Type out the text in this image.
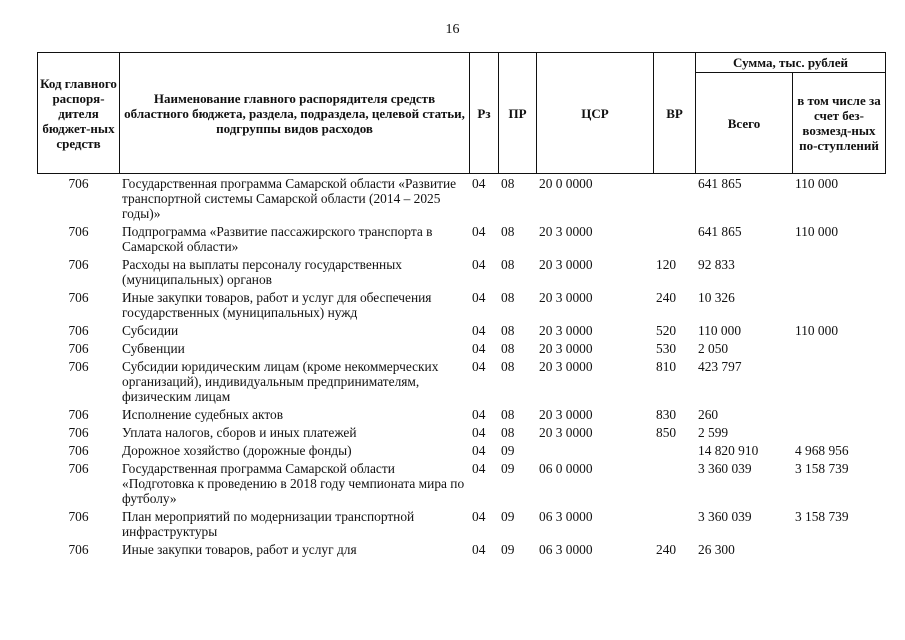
16
Код главного распоря-дителя бюджет-ных средств	Наименование главного распорядителя средств областного бюджета, раздела, подраздела, целевой статьи, подгруппы видов расходов	Рз	ПР	ЦСР	ВР	Сумма, тыс. рублей	
						Всего	в том числе за счет без-возмезд-ных по-ступлений
706	Государственная программа Самарской области «Развитие транспортной системы Самарской области (2014 – 2025 годы)»	04	08	20 0 0000		641 865	110 000
706	Подпрограмма «Развитие пассажирского транспорта в Самарской области»	04	08	20 3 0000		641 865	110 000
706	Расходы на выплаты персоналу государственных (муниципальных) органов	04	08	20 3 0000	120	92 833	
706	Иные закупки товаров, работ и услуг для обеспечения государственных (муниципальных) нужд	04	08	20 3 0000	240	10 326	
706	Субсидии	04	08	20 3 0000	520	110 000	110 000
706	Субвенции	04	08	20 3 0000	530	2 050	
706	Субсидии юридическим лицам (кроме некоммерческих организаций), индивидуальным предпринимателям, физическим лицам	04	08	20 3 0000	810	423 797	
706	Исполнение судебных актов	04	08	20 3 0000	830	260	
706	Уплата налогов, сборов и иных платежей	04	08	20 3 0000	850	2 599	
706	Дорожное хозяйство (дорожные фонды)	04	09			14 820 910	4 968 956
706	Государственная программа Самарской области «Подготовка к проведению в 2018 году чемпионата мира по футболу»	04	09	06 0 0000		3 360 039	3 158 739
706	План мероприятий по модернизации транспортной инфраструктуры	04	09	06 3 0000		3 360 039	3 158 739
706	Иные закупки товаров, работ и услуг для	04	09	06 3 0000	240	26 300	
